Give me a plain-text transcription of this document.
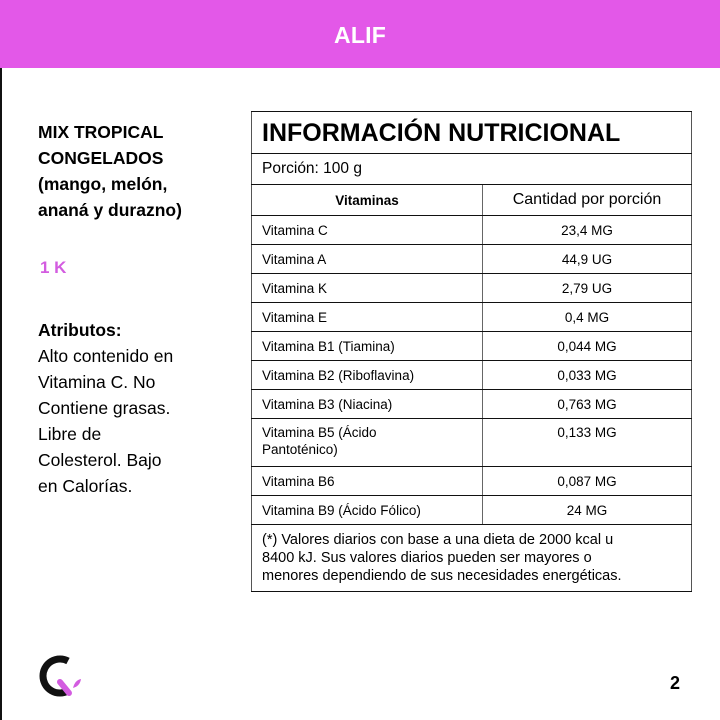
ALIF
MIX TROPICAL
CONGELADOS
(mango, melón,
ananá y durazno)
1 K
Atributos:
Alto contenido en
Vitamina C. No
Contiene grasas.
Libre de
Colesterol. Bajo
en Calorías.
INFORMACIÓN NUTRICIONAL	
Porción: 100 g	
Vitaminas	Cantidad por porción
Vitamina C	23,4 MG
Vitamina A	44,9 UG
Vitamina K	2,79 UG
Vitamina E	0,4 MG
Vitamina B1 (Tiamina)	0,044 MG
Vitamina B2 (Riboflavina)	0,033 MG
Vitamina B3 (Niacina)	0,763 MG

Vitamina B5 (Ácido
Pantoténico)	0,133 MG
Vitamina B6	0,087 MG
Vitamina B9 (Ácido Fólico)	24 MG

(*) Valores diarios con base a una dieta de 2000 kcal u
8400 kJ. Sus valores diarios pueden ser mayores o
menores dependiendo de sus necesidades energéticas.	
2
